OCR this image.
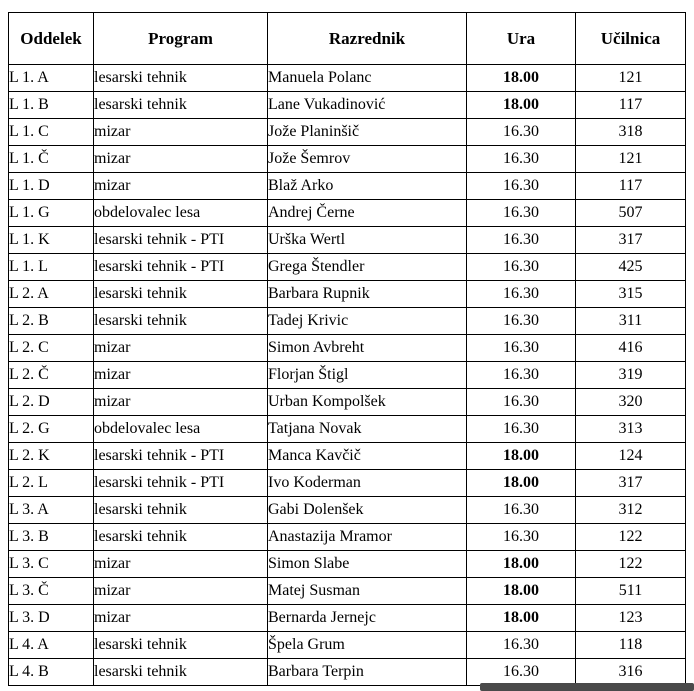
Oddelek	Program	Razrednik	Ura	Učilnica
L 1. A	lesarski tehnik	Manuela Polanc	18.00	121
L 1. B	lesarski tehnik	Lane Vukadinović	18.00	117
L 1. C	mizar	Jože Planinšič	16.30	318
L 1. Č	mizar	Jože Šemrov	16.30	121
L 1. D	mizar	Blaž Arko	16.30	117
L 1. G	obdelovalec lesa	Andrej Černe	16.30	507
L 1. K	lesarski tehnik - PTI	Urška Wertl	16.30	317
L 1. L	lesarski tehnik - PTI	Grega Štendler	16.30	425
L 2. A	lesarski tehnik	Barbara Rupnik	16.30	315
L 2. B	lesarski tehnik	Tadej Krivic	16.30	311
L 2. C	mizar	Simon Avbreht	16.30	416
L 2. Č	mizar	Florjan Štigl	16.30	319
L 2. D	mizar	Urban Kompolšek	16.30	320
L 2. G	obdelovalec lesa	Tatjana Novak	16.30	313
L 2. K	lesarski tehnik - PTI	Manca Kavčič	18.00	124
L 2. L	lesarski tehnik - PTI	Ivo Koderman	18.00	317
L 3. A	lesarski tehnik	Gabi Dolenšek	16.30	312
L 3. B	lesarski tehnik	Anastazija Mramor	16.30	122
L 3. C	mizar	Simon Slabe	18.00	122
L 3. Č	mizar	Matej Susman	18.00	511
L 3. D	mizar	Bernarda Jernejc	18.00	123
L 4. A	lesarski tehnik	Špela Grum	16.30	118
L 4. B	lesarski tehnik	Barbara Terpin	16.30	316
